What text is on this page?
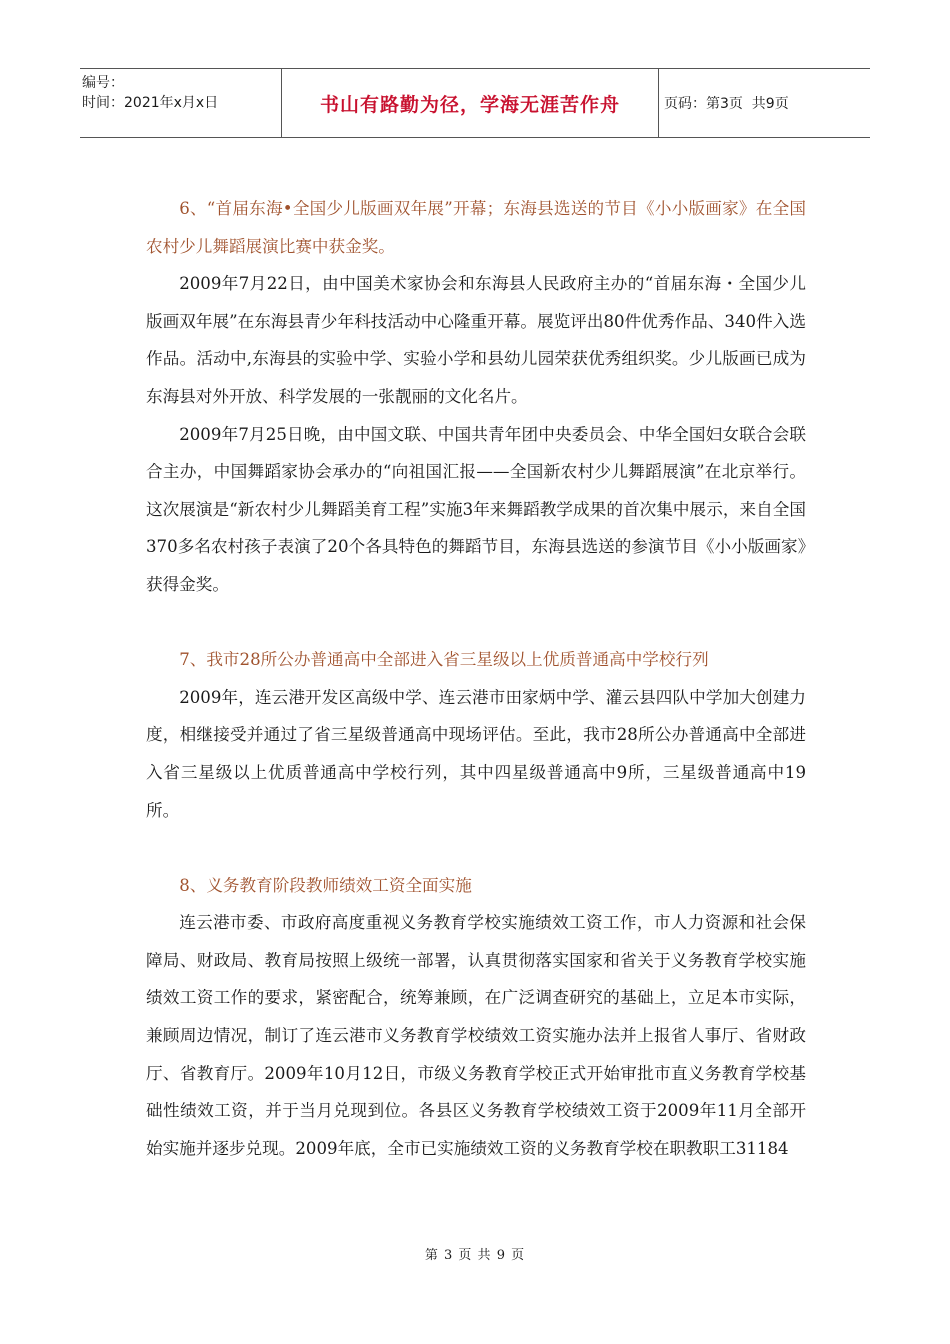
编号：
时间：2021年x月x日	书山有路勤为径，学海无涯苦作舟	页码：第3页  共9页

6、“首届东海•全国少儿版画双年展”开幕；东海县选送的节目《小小版画家》在全国农村少儿舞蹈展演比赛中获金奖。

2009年7月22日，由中国美术家协会和东海县人民政府主办的“首届东海・全国少儿版画双年展”在东海县青少年科技活动中心隆重开幕。展览评出80件优秀作品、340件入选作品。活动中,东海县的实验中学、实验小学和县幼儿园荣获优秀组织奖。少儿版画已成为东海县对外开放、科学发展的一张靓丽的文化名片。

2009年7月25日晚，由中国文联、中国共青年团中央委员会、中华全国妇女联合会联合主办，中国舞蹈家协会承办的“向祖国汇报——全国新农村少儿舞蹈展演”在北京举行。这次展演是“新农村少儿舞蹈美育工程”实施3年来舞蹈教学成果的首次集中展示，来自全国370多名农村孩子表演了20个各具特色的舞蹈节目，东海县选送的参演节目《小小版画家》获得金奖。

7、我市28所公办普通高中全部进入省三星级以上优质普通高中学校行列

2009年，连云港开发区高级中学、连云港市田家炳中学、灌云县四队中学加大创建力度，相继接受并通过了省三星级普通高中现场评估。至此，我市28所公办普通高中全部进入省三星级以上优质普通高中学校行列，其中四星级普通高中9所，三星级普通高中19所。

8、义务教育阶段教师绩效工资全面实施

连云港市委、市政府高度重视义务教育学校实施绩效工资工作，市人力资源和社会保障局、财政局、教育局按照上级统一部署，认真贯彻落实国家和省关于义务教育学校实施绩效工资工作的要求，紧密配合，统筹兼顾，在广泛调查研究的基础上，立足本市实际，兼顾周边情况，制订了连云港市义务教育学校绩效工资实施办法并上报省人事厅、省财政厅、省教育厅。2009年10月12日，市级义务教育学校正式开始审批市直义务教育学校基础性绩效工资，并于当月兑现到位。各县区义务教育学校绩效工资于2009年11月全部开始实施并逐步兑现。2009年底，全市已实施绩效工资的义务教育学校在职教职工31184

第 3 页 共 9 页
